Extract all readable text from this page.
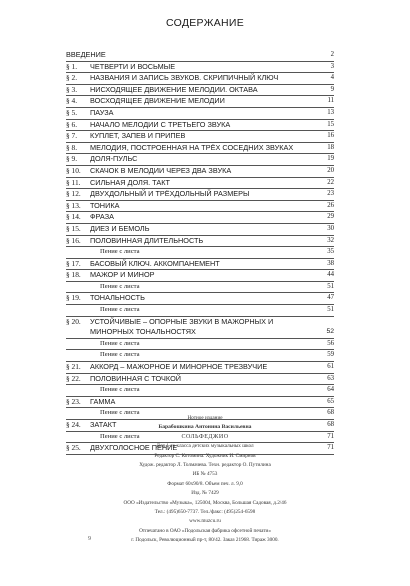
СОДЕРЖАНИЕ
ВВЕДЕНИЕ	2
§ 1.	ЧЕТВЕРТИ И ВОСЬМЫЕ	3
§ 2.	НАЗВАНИЯ И ЗАПИСЬ ЗВУКОВ. СКРИПИЧНЫЙ КЛЮЧ	4
§ 3.	НИСХОДЯЩЕЕ ДВИЖЕНИЕ МЕЛОДИИ. ОКТАВА	9
§ 4.	ВОСХОДЯЩЕЕ ДВИЖЕНИЕ МЕЛОДИИ	11
§ 5.	ПАУЗА	13
§ 6.	НАЧАЛО МЕЛОДИИ С ТРЕТЬЕГО ЗВУКА	15
§ 7.	КУПЛЕТ, ЗАПЕВ И ПРИПЕВ	16
§ 8.	МЕЛОДИЯ, ПОСТРОЕННАЯ НА ТРЁХ СОСЕДНИХ ЗВУКАХ	18
§ 9.	ДОЛЯ-ПУЛЬС	19
§ 10.	СКАЧОК В МЕЛОДИИ ЧЕРЕЗ ДВА ЗВУКА	20
§ 11.	СИЛЬНАЯ ДОЛЯ. ТАКТ	22
§ 12.	ДВУХДОЛЬНЫЙ И ТРЁХДОЛЬНЫЙ РАЗМЕРЫ	23
§ 13.	ТОНИКА	26
§ 14.	ФРАЗА	29
§ 15.	ДИЕЗ И БЕМОЛЬ	30
§ 16.	ПОЛОВИННАЯ ДЛИТЕЛЬНОСТЬ	32
Пение с листа	35
§ 17.	БАСОВЫЙ КЛЮЧ. АККОМПАНЕМЕНТ	38
§ 18.	МАЖОР И МИНОР	44
Пение с листа	51
§ 19.	ТОНАЛЬНОСТЬ	47
Пение с листа	51
§ 20.	УСТОЙЧИВЫЕ – ОПОРНЫЕ ЗВУКИ В МАЖОРНЫХ И
МИНОРНЫХ ТОНАЛЬНОСТЯХ	52
Пение с листа	56
Пение с листа	59
§ 21.	АККОРД – МАЖОРНОЕ И МИНОРНОЕ ТРЕЗВУЧИЕ	61
§ 22.	ПОЛОВИННАЯ С ТОЧКОЙ	63
Пение с листа	64
§ 23.	ГАММА	65
Пение с листа	68
§ 24.	ЗАТАКТ	68
Пение с листа	71
§ 25.	ДВУХГОЛОСНОЕ ПЕНИЕ	71
Нотное издание
Барабошкина Антонина Васильевна
СОЛЬФЕДЖИО
Для 1-го класса детских музыкальных школ
Редактор С. Котомина. Художник И. Смирнов
Худож. редактор Л. Толмачева. Техн. редактор О. Путилина
ИБ № 4753
Формат 60х90/8. Объем печ. л. 9,0
Изд. № 7429
ООО «Издательство «Музыка», 125004, Москва, Большая Садовая, д.2/46
Тел.: (495)650-7737. Тел./факс: (495)254-6598
www.muzcu.ru
Отпечатано в ОАО «Подольская фабрика офсетной печати»
г. Подольск, Революционный пр-т, 80/42. Заказ 21968. Тираж 3000.
9
